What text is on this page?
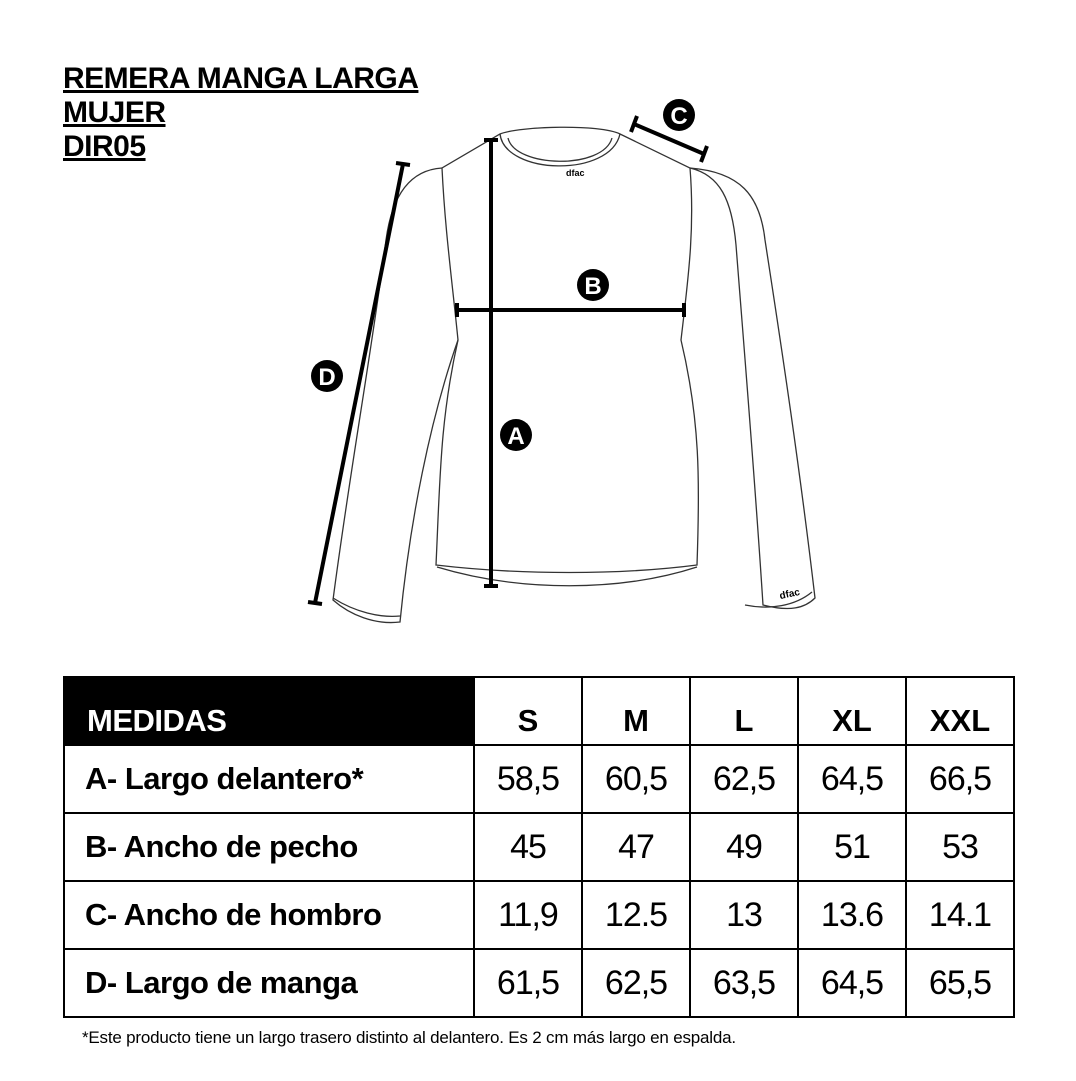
REMERA MANGA LARGA
MUJER
DIR05
dfac
dfac
A
B
C
D
MEDIDAS	S	M	L	XL	XXL
A- Largo delantero*	58,5	60,5	62,5	64,5	66,5
B- Ancho de pecho	45	47	49	51	53
C- Ancho de hombro	11,9	12.5	13	13.6	14.1
D- Largo de manga	61,5	62,5	63,5	64,5	65,5
*Este producto tiene un largo trasero distinto al delantero. Es 2 cm más largo en espalda.
